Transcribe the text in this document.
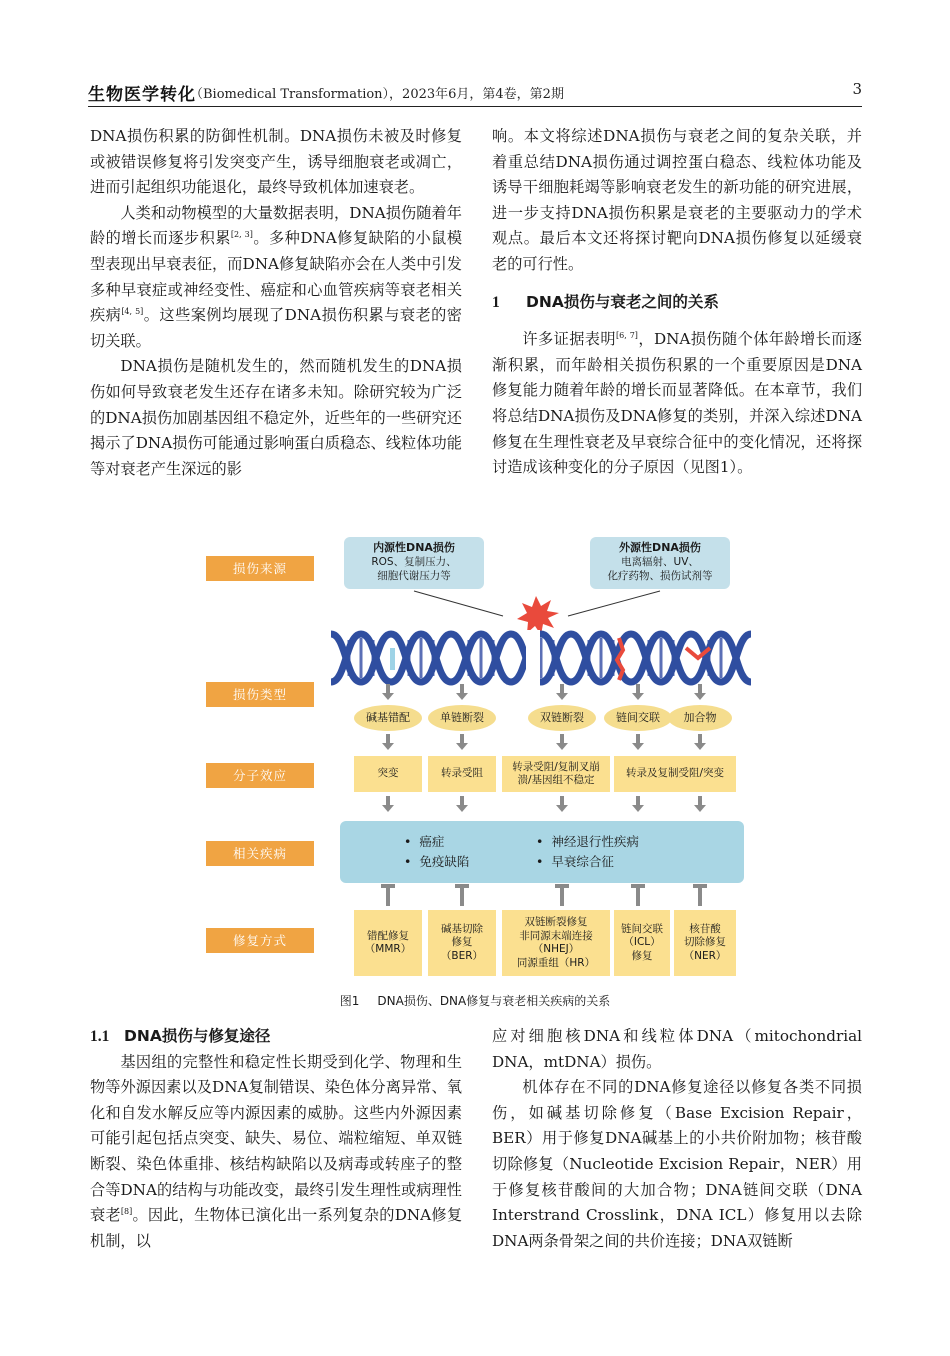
生物医学转化
（Biomedical Transformation），2023年6月，第4卷，第2期	3

DNA损伤积累的防御性机制。DNA损伤未被及时修复或被错误修复将引发突变产生，诱导细胞衰老或凋亡，进而引起组织功能退化，最终导致机体加速衰老。

人类和动物模型的大量数据表明，DNA损伤随着年龄的增长而逐步积累[2, 3]。多种DNA修复缺陷的小鼠模型表现出早衰表征，而DNA修复缺陷亦会在人类中引发多种早衰症或神经变性、癌症和心血管疾病等衰老相关疾病[4, 5]。这些案例均展现了DNA损伤积累与衰老的密切关联。

DNA损伤是随机发生的，然而随机发生的DNA损伤如何导致衰老发生还存在诸多未知。除研究较为广泛的DNA损伤加剧基因组不稳定外，近些年的一些研究还揭示了DNA损伤可能通过影响蛋白质稳态、线粒体功能等对衰老产生深远的影

响。本文将综述DNA损伤与衰老之间的复杂关联，并着重总结DNA损伤通过调控蛋白稳态、线粒体功能及诱导干细胞耗竭等影响衰老发生的新功能的研究进展，进一步支持DNA损伤积累是衰老的主要驱动力的学术观点。最后本文还将探讨靶向DNA损伤修复以延缓衰老的可行性。

1 DNA损伤与衰老之间的关系

许多证据表明[6, 7]，DNA损伤随个体年龄增长而逐渐积累，而年龄相关损伤积累的一个重要原因是DNA修复能力随着年龄的增长而显著降低。在本章节，我们将总结DNA损伤及DNA修复的类别，并深入综述DNA修复在生理性衰老及早衰综合征中的变化情况，还将探讨造成该种变化的分子原因（见图1）。

损伤来源
损伤类型
分子效应
相关疾病
修复方式
内源性DNA损伤
ROS、复制压力、
细胞代谢压力等
外源性DNA损伤
电离辐射、UV、
化疗药物、损伤试剂等
碱基错配	单链断裂	双链断裂	链间交联	加合物
突变	转录受阻
转录受阻/复制叉崩
溃/基因组不稳定
转录及复制受阻/突变
• 癌症
• 免疫缺陷
• 神经退行性疾病
• 早衰综合征
错配修复
（MMR）
碱基切除
修复
（BER）
双链断裂修复
非同源末端连接
（NHEJ）
同源重组（HR）
链间交联
（ICL）
修复
核苷酸
切除修复
（NER）
图1 DNA损伤、DNA修复与衰老相关疾病的关系

1.1 DNA损伤与修复途径

基因组的完整性和稳定性长期受到化学、物理和生物等外源因素以及DNA复制错误、染色体分离异常、氧化和自发水解反应等内源因素的威胁。这些内外源因素可能引起包括点突变、缺失、易位、端粒缩短、单双链断裂、染色体重排、核结构缺陷以及病毒或转座子的整合等DNA的结构与功能改变，最终引发生理性或病理性衰老[8]。因此，生物体已演化出一系列复杂的DNA修复机制，以

应对细胞核DNA和线粒体DNA（mitochondrial DNA，mtDNA）损伤。

机体存在不同的DNA修复途径以修复各类不同损伤，如碱基切除修复（Base Excision Repair，BER）用于修复DNA碱基上的小共价附加物；核苷酸切除修复（Nucleotide Excision Repair，NER）用于修复核苷酸间的大加合物；DNA链间交联（DNA Interstrand Crosslink，DNA ICL）修复用以去除DNA两条骨架之间的共价连接；DNA双链断
